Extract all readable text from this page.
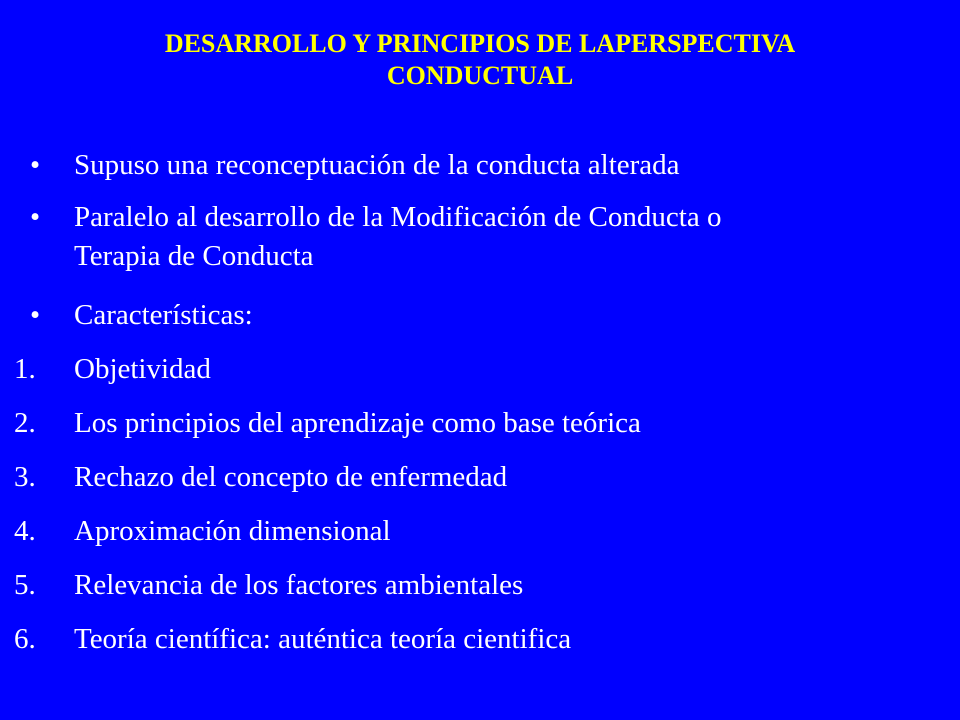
DESARROLLO Y PRINCIPIOS DE LAPERSPECTIVA
CONDUCTUAL
•	Supuso una reconceptuación de la conducta alterada
•	Paralelo al desarrollo de la Modificación de Conducta o
Terapia de Conducta
•	Características:
1.	Objetividad
2.	Los principios del aprendizaje como base teórica
3.	Rechazo del concepto de enfermedad
4.	Aproximación dimensional
5.	Relevancia de los factores ambientales
6.	Teoría científica: auténtica teoría cientifica
